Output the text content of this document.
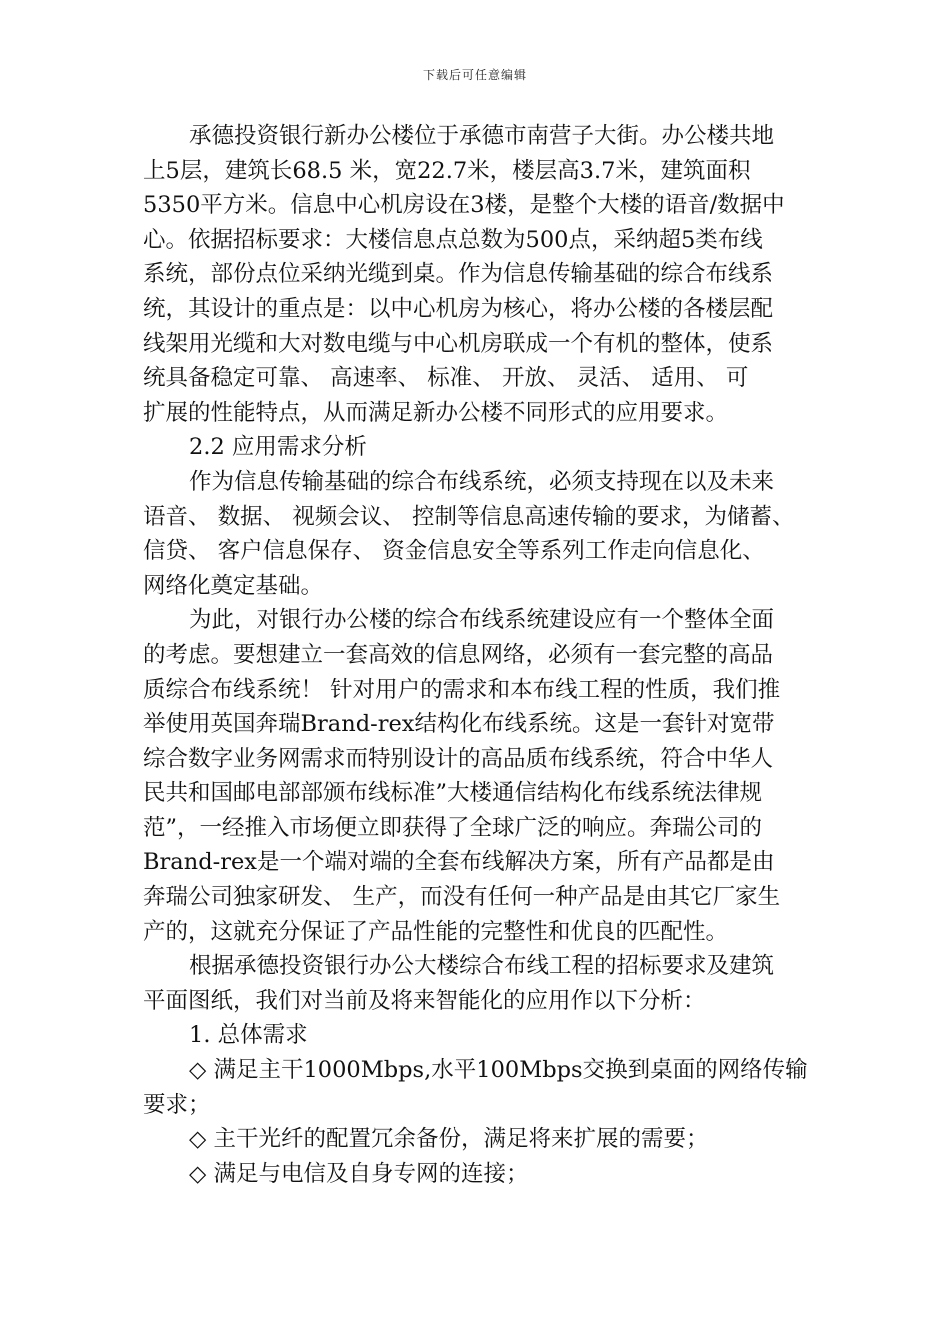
下载后可任意编辑
承德投资银行新办公楼位于承德市南营子大街。办公楼共地
上5层，建筑长68.5 米，宽22.7米，楼层高3.7米，建筑面积
5350平方米。信息中心机房设在3楼，是整个大楼的语音/数据中
心。依据招标要求：大楼信息点总数为500点，采纳超5类布线
系统，部份点位采纳光缆到桌。作为信息传输基础的综合布线系
统，其设计的重点是：以中心机房为核心，将办公楼的各楼层配
线架用光缆和大对数电缆与中心机房联成一个有机的整体，使系
统具备稳定可靠、 高速率、 标准、 开放、 灵活、 适用、 可
扩展的性能特点，从而满足新办公楼不同形式的应用要求。
2.2 应用需求分析
作为信息传输基础的综合布线系统，必须支持现在以及未来
语音、 数据、 视频会议、 控制等信息高速传输的要求，为储蓄、
信贷、 客户信息保存、 资金信息安全等系列工作走向信息化、
网络化奠定基础。
为此，对银行办公楼的综合布线系统建设应有一个整体全面
的考虑。要想建立一套高效的信息网络，必须有一套完整的高品
质综合布线系统！ 针对用户的需求和本布线工程的性质，我们推
举使用英国奔瑞Brand-rex结构化布线系统。这是一套针对宽带
综合数字业务网需求而特别设计的高品质布线系统，符合中华人
民共和国邮电部部颁布线标准”大楼通信结构化布线系统法律规
范”，一经推入市场便立即获得了全球广泛的响应。奔瑞公司的
Brand-rex是一个端对端的全套布线解决方案，所有产品都是由
奔瑞公司独家研发、 生产，而没有任何一种产品是由其它厂家生
产的，这就充分保证了产品性能的完整性和优良的匹配性。
根据承德投资银行办公大楼综合布线工程的招标要求及建筑
平面图纸，我们对当前及将来智能化的应用作以下分析：
1. 总体需求
◇ 满足主干1000Mbps,水平100Mbps交换到桌面的网络传输
要求；
◇ 主干光纤的配置冗余备份，满足将来扩展的需要；
◇ 满足与电信及自身专网的连接；
